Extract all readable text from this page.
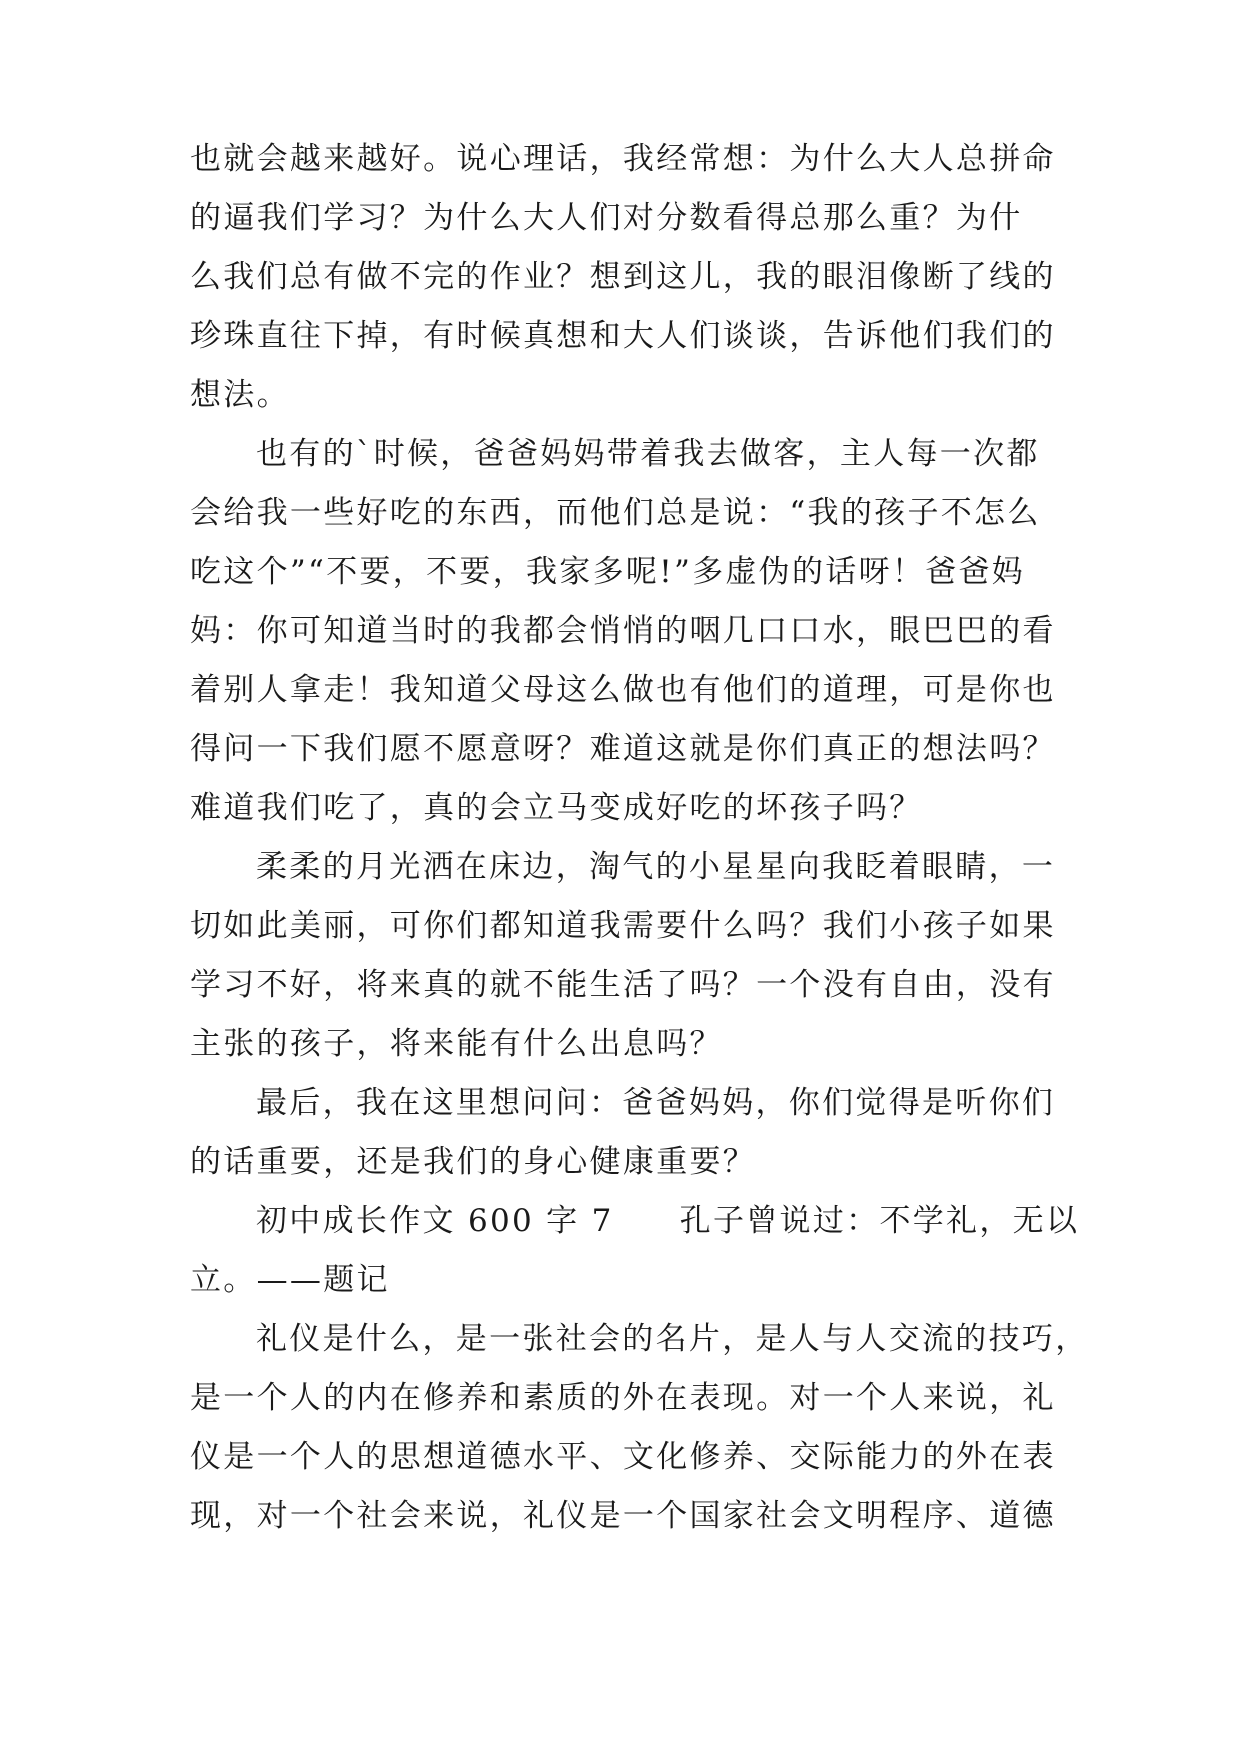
也就会越来越好。说心理话，我经常想：为什么大人总拼命
的逼我们学习？为什么大人们对分数看得总那么重？为什
么我们总有做不完的作业？想到这儿，我的眼泪像断了线的
珍珠直往下掉，有时候真想和大人们谈谈，告诉他们我们的
想法。
也有的`时候，爸爸妈妈带着我去做客，主人每一次都
会给我一些好吃的东西，而他们总是说：“我的孩子不怎么
吃这个”“不要，不要，我家多呢!”多虚伪的话呀！爸爸妈
妈：你可知道当时的我都会悄悄的咽几口口水，眼巴巴的看
着别人拿走！我知道父母这么做也有他们的道理，可是你也
得问一下我们愿不愿意呀？难道这就是你们真正的想法吗？
难道我们吃了，真的会立马变成好吃的坏孩子吗？
柔柔的月光洒在床边，淘气的小星星向我眨着眼睛，一
切如此美丽，可你们都知道我需要什么吗？我们小孩子如果
学习不好，将来真的就不能生活了吗？一个没有自由，没有
主张的孩子，将来能有什么出息吗？
最后，我在这里想问问：爸爸妈妈，你们觉得是听你们
的话重要，还是我们的身心健康重要？
初中成长作文 600 字 7 孔子曾说过：不学礼，无以
立。——题记
礼仪是什么，是一张社会的名片，是人与人交流的技巧，
是一个人的内在修养和素质的外在表现。对一个人来说，礼
仪是一个人的思想道德水平、文化修养、交际能力的外在表
现，对一个社会来说，礼仪是一个国家社会文明程序、道德
